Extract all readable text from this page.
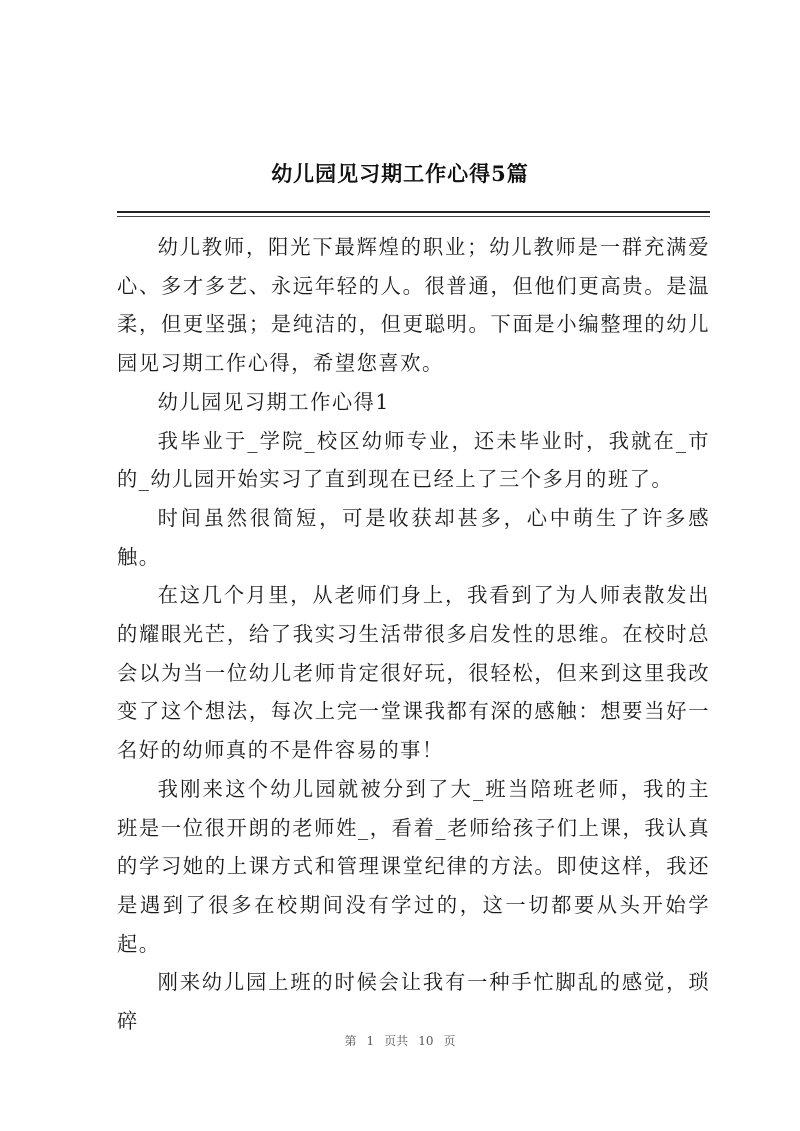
幼儿园见习期工作心得5篇

幼儿教师，阳光下最辉煌的职业；幼儿教师是一群充满爱心、多才多艺、永远年轻的人。很普通，但他们更高贵。是温柔，但更坚强；是纯洁的，但更聪明。下面是小编整理的幼儿园见习期工作心得，希望您喜欢。

幼儿园见习期工作心得1

我毕业于_学院_校区幼师专业，还未毕业时，我就在_市的_幼儿园开始实习了直到现在已经上了三个多月的班了。

时间虽然很简短，可是收获却甚多，心中萌生了许多感触。

在这几个月里，从老师们身上，我看到了为人师表散发出的耀眼光芒，给了我实习生活带很多启发性的思维。在校时总会以为当一位幼儿老师肯定很好玩，很轻松，但来到这里我改变了这个想法，每次上完一堂课我都有深的感触：想要当好一名好的幼师真的不是件容易的事！

我刚来这个幼儿园就被分到了大_班当陪班老师，我的主班是一位很开朗的老师姓_，看着_老师给孩子们上课，我认真的学习她的上课方式和管理课堂纪律的方法。即使这样，我还是遇到了很多在校期间没有学过的，这一切都要从头开始学起。

刚来幼儿园上班的时候会让我有一种手忙脚乱的感觉，琐碎

第 1 页共 10 页
